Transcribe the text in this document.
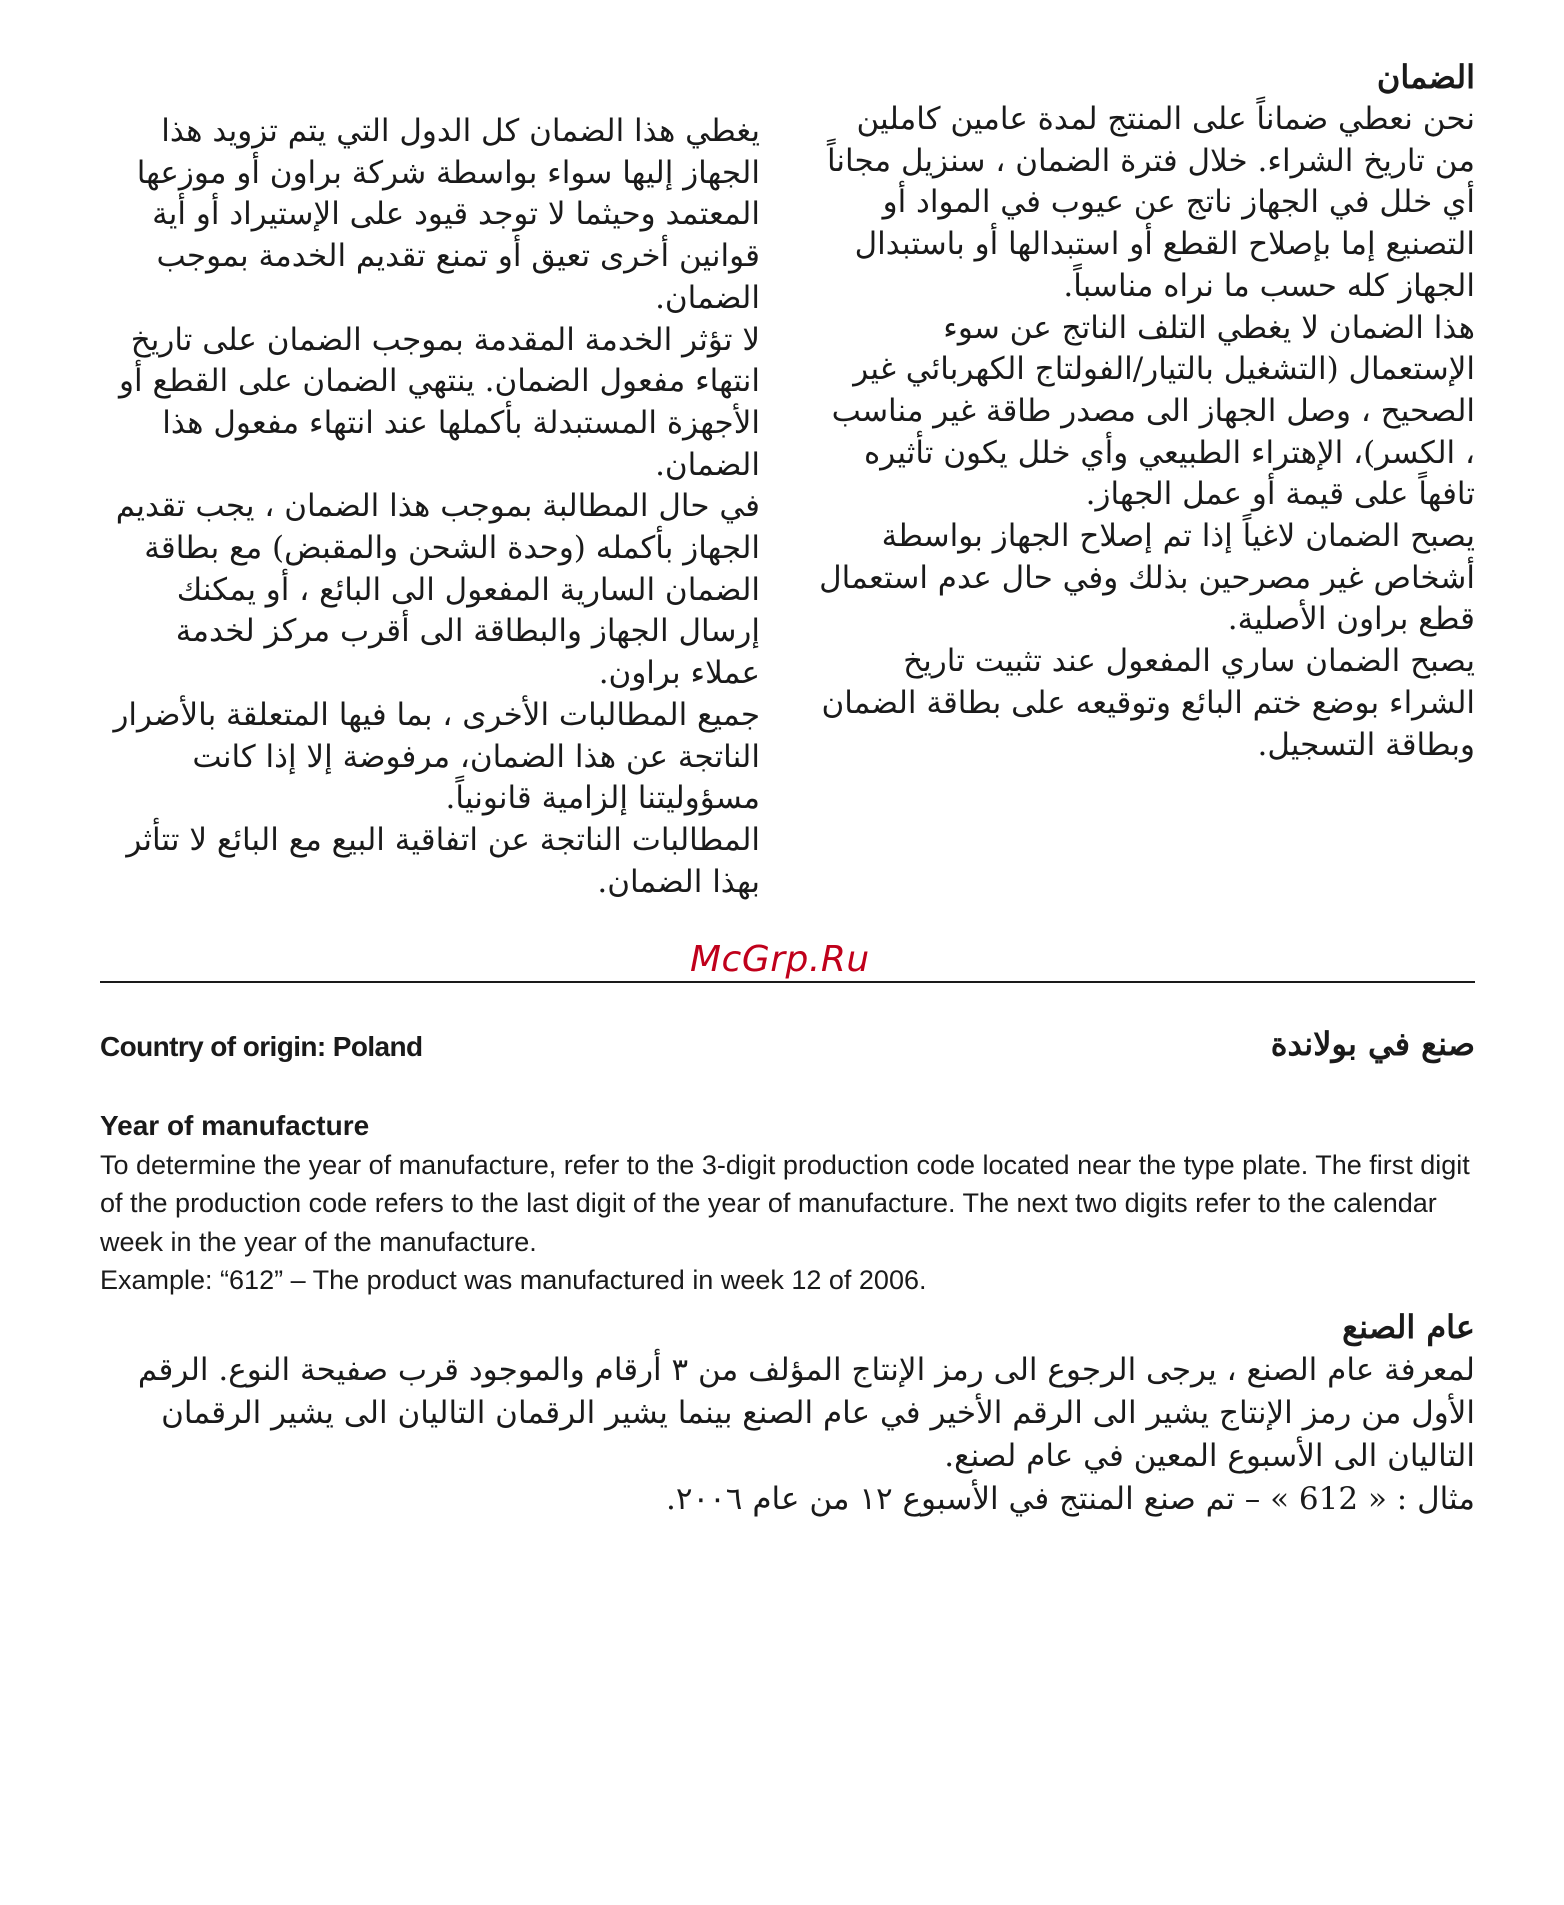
الضمان

نحن نعطي ضماناً على المنتج لمدة عامين كاملين من تاريخ الشراء. خلال فترة الضمان ، سنزيل مجاناً أي خلل في الجهاز ناتج عن عيوب في المواد أو التصنيع إما بإصلاح القطع أو استبدالها أو باستبدال الجهاز كله حسب ما نراه مناسباً.

هذا الضمان لا يغطي التلف الناتج عن سوء الإستعمال (التشغيل بالتيار/الفولتاج الكهربائي غير الصحيح ، وصل الجهاز الى مصدر طاقة غير مناسب ، الكسر)، الإهتراء الطبيعي وأي خلل يكون تأثيره تافهاً على قيمة أو عمل الجهاز.

يصبح الضمان لاغياً إذا تم إصلاح الجهاز بواسطة أشخاص غير مصرحين بذلك وفي حال عدم استعمال قطع براون الأصلية.

يصبح الضمان ساري المفعول عند تثبيت تاريخ الشراء بوضع ختم البائع وتوقيعه على بطاقة الضمان وبطاقة التسجيل.

يغطي هذا الضمان كل الدول التي يتم تزويد هذا الجهاز إليها سواء بواسطة شركة براون أو موزعها المعتمد وحيثما لا توجد قيود على الإستيراد أو أية قوانين أخرى تعيق أو تمنع تقديم الخدمة بموجب الضمان.

لا تؤثر الخدمة المقدمة بموجب الضمان على تاريخ انتهاء مفعول الضمان. ينتهي الضمان على القطع أو الأجهزة المستبدلة بأكملها عند انتهاء مفعول هذا الضمان.

في حال المطالبة بموجب هذا الضمان ، يجب تقديم الجهاز بأكمله (وحدة الشحن والمقبض) مع بطاقة الضمان السارية المفعول الى البائع ، أو يمكنك إرسال الجهاز والبطاقة الى أقرب مركز لخدمة عملاء براون.

جميع المطالبات الأخرى ، بما فيها المتعلقة بالأضرار الناتجة عن هذا الضمان، مرفوضة إلا إذا كانت مسؤوليتنا إلزامية قانونياً.

المطالبات الناتجة عن اتفاقية البيع مع البائع لا تتأثر بهذا الضمان.

McGrp.Ru
Country of origin: Poland	صنع في بولاندة
Year of manufacture
To determine the year of manufacture, refer to the 3-digit production code located near the type plate. The first digit of the production code refers to the last digit of the year of manufacture. The next two digits refer to the calendar week in the year of the manufacture.
Example: “612” – The product was manufactured in week 12 of 2006.
عام الصنع

لمعرفة عام الصنع ، يرجى الرجوع الى رمز الإنتاج المؤلف من ٣ أرقام والموجود قرب صفيحة النوع. الرقم الأول من رمز الإنتاج يشير الى الرقم الأخير في عام الصنع بينما يشير الرقمان التاليان الى يشير الرقمان التاليان الى الأسبوع المعين في عام لصنع.

مثال : « 612 » – تم صنع المنتج في الأسبوع ١٢ من عام ٢٠٠٦.
